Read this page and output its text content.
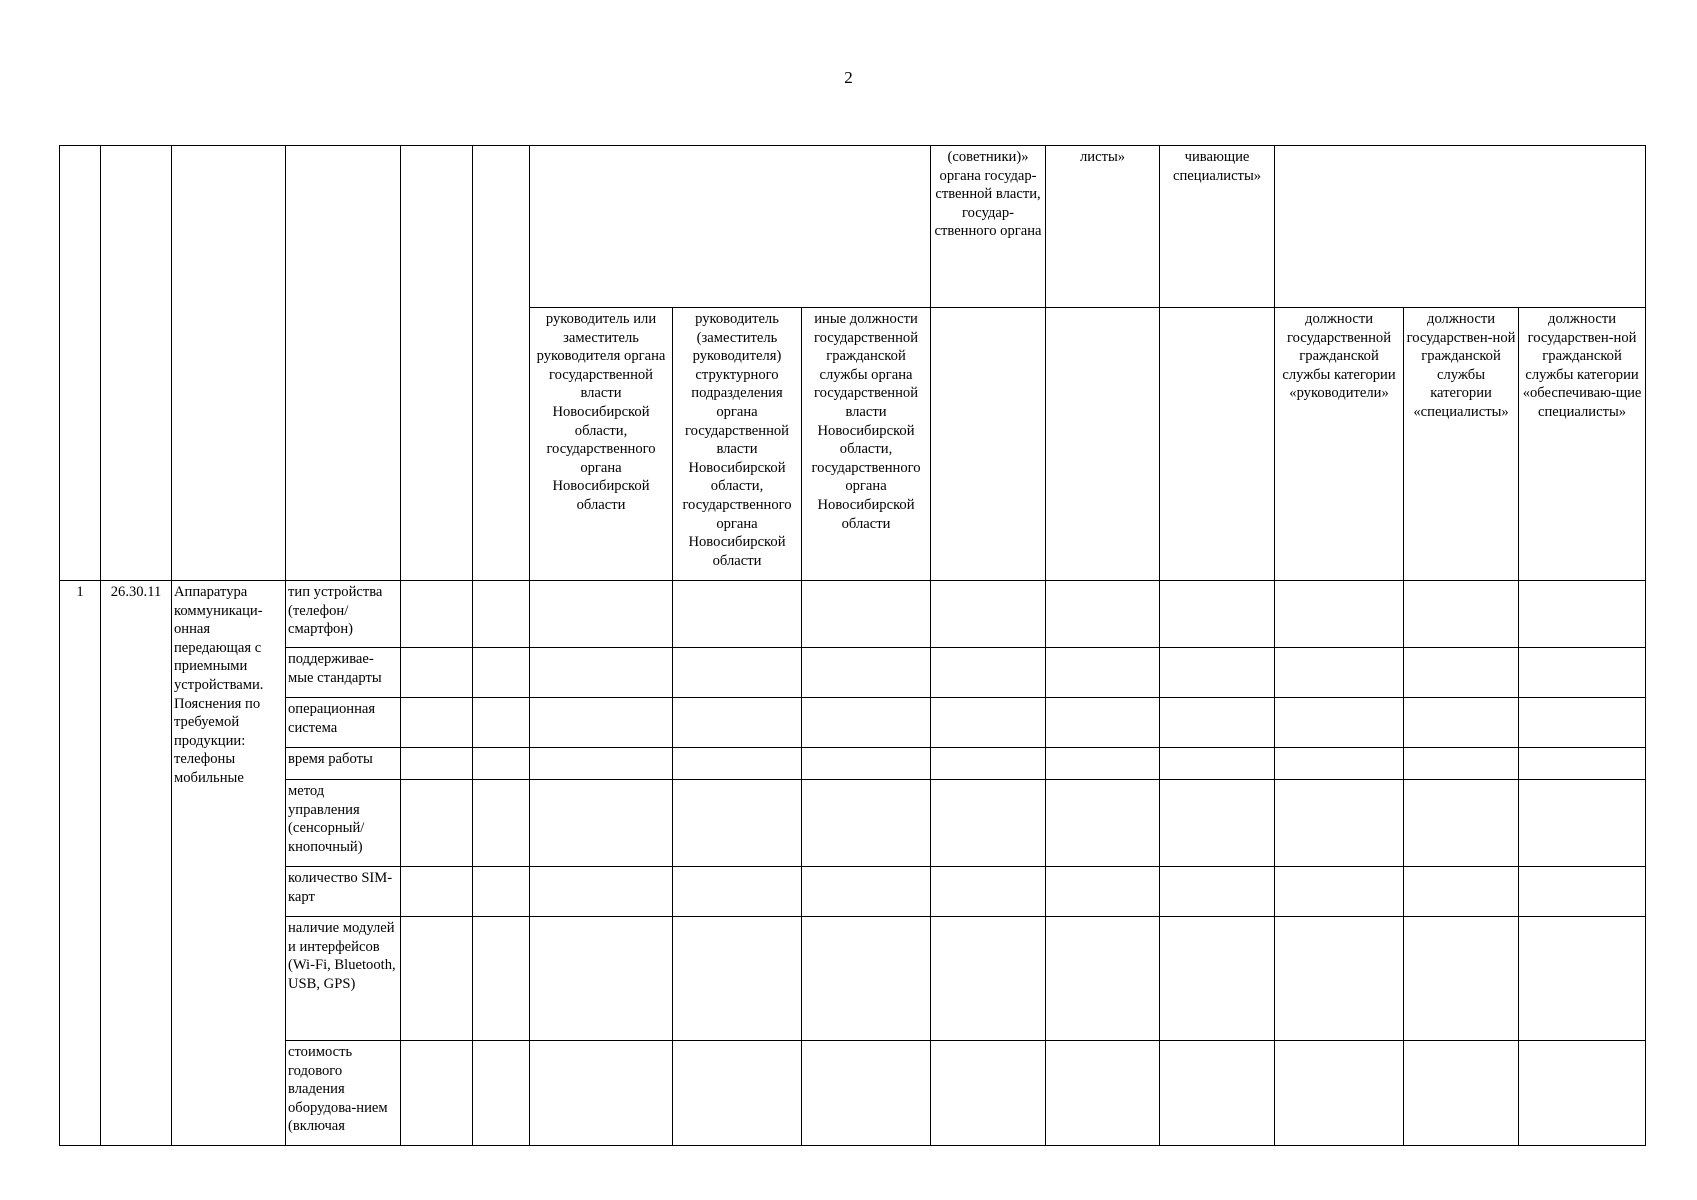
2
									(советники)» органа государ-ственной власти, государ-ственного органа	листы»	чивающие специалисты»			
						руководитель или заместитель руководителя органа государственной власти Новосибирской области, государственного органа Новосибирской области	руководитель (заместитель руководителя) структурного подразделения органа государственной власти Новосибирской области, государственного органа Новосибирской области	иные должности государственной гражданской службы органа государственной власти Новосибирской области, государственного органа Новосибирской области				должности государственной гражданской службы категории «руководители»	должности государствен-ной гражданской службы категории «специалисты»	должности государствен-ной гражданской службы категории «обеспечиваю-щие специалисты»
1	26.30.11	Аппаратура коммуникаци-онная передающая с приемными устройствами. Пояснения по требуемой продукции: телефоны мобильные	тип устройства (телефон/ смартфон)											
			поддерживае-мые стандарты											
			операционная система											
			время работы											
			метод управления (сенсорный/ кнопочный)											
			количество SIM-карт											
			наличие модулей и интерфейсов (Wi-Fi, Bluetooth, USB, GPS)											
			стоимость годового владения оборудова-нием (включая											
